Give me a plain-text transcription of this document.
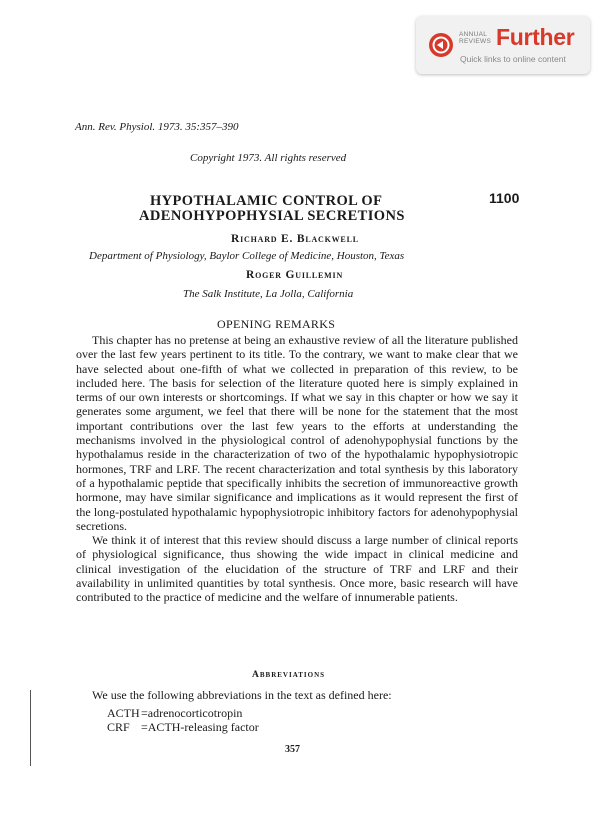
ANNUAL
REVIEWS Further
Quick links to online content
Ann. Rev. Physiol. 1973. 35:357–390
Copyright 1973. All rights reserved
HYPOTHALAMIC CONTROL OF
ADENOHYPOPHYSIAL SECRETIONS
1100
Richard E. Blackwell
Department of Physiology, Baylor College of Medicine, Houston, Texas
Roger Guillemin
The Salk Institute, La Jolla, California
OPENING REMARKS

This chapter has no pretense at being an exhaustive review of all the literature published over the last few years pertinent to its title. To the contrary, we want to make clear that we have selected about one-fifth of what we collected in preparation of this review, to be included here. The basis for selection of the literature quoted here is simply explained in terms of our own interests or shortcomings. If what we say in this chapter or how we say it generates some argument, we feel that there will be none for the statement that the most important contributions over the last few years to the efforts at understanding the mechanisms involved in the physiological control of adenohypophysial functions by the hypothalamus reside in the characterization of two of the hypothalamic hypophysiotropic hormones, TRF and LRF. The recent characterization and total synthesis by this laboratory of a hypothalamic peptide that specifically inhibits the secretion of immunoreactive growth hormone, may have similar significance and implications as it would represent the first of the long-postulated hypothalamic hypophysiotropic inhibitory factors for adenohypophysial secretions.

We think it of interest that this review should discuss a large number of clinical reports of physiological significance, thus showing the wide impact in clinical medicine and clinical investigation of the elucidation of the structure of TRF and LRF and their availability in unlimited quantities by total synthesis. Once more, basic research will have contributed to the practice of medicine and the welfare of innumerable patients.

Abbreviations
We use the following abbreviations in the text as defined here:
ACTH=adrenocorticotropin
CRF =ACTH-releasing factor
357
